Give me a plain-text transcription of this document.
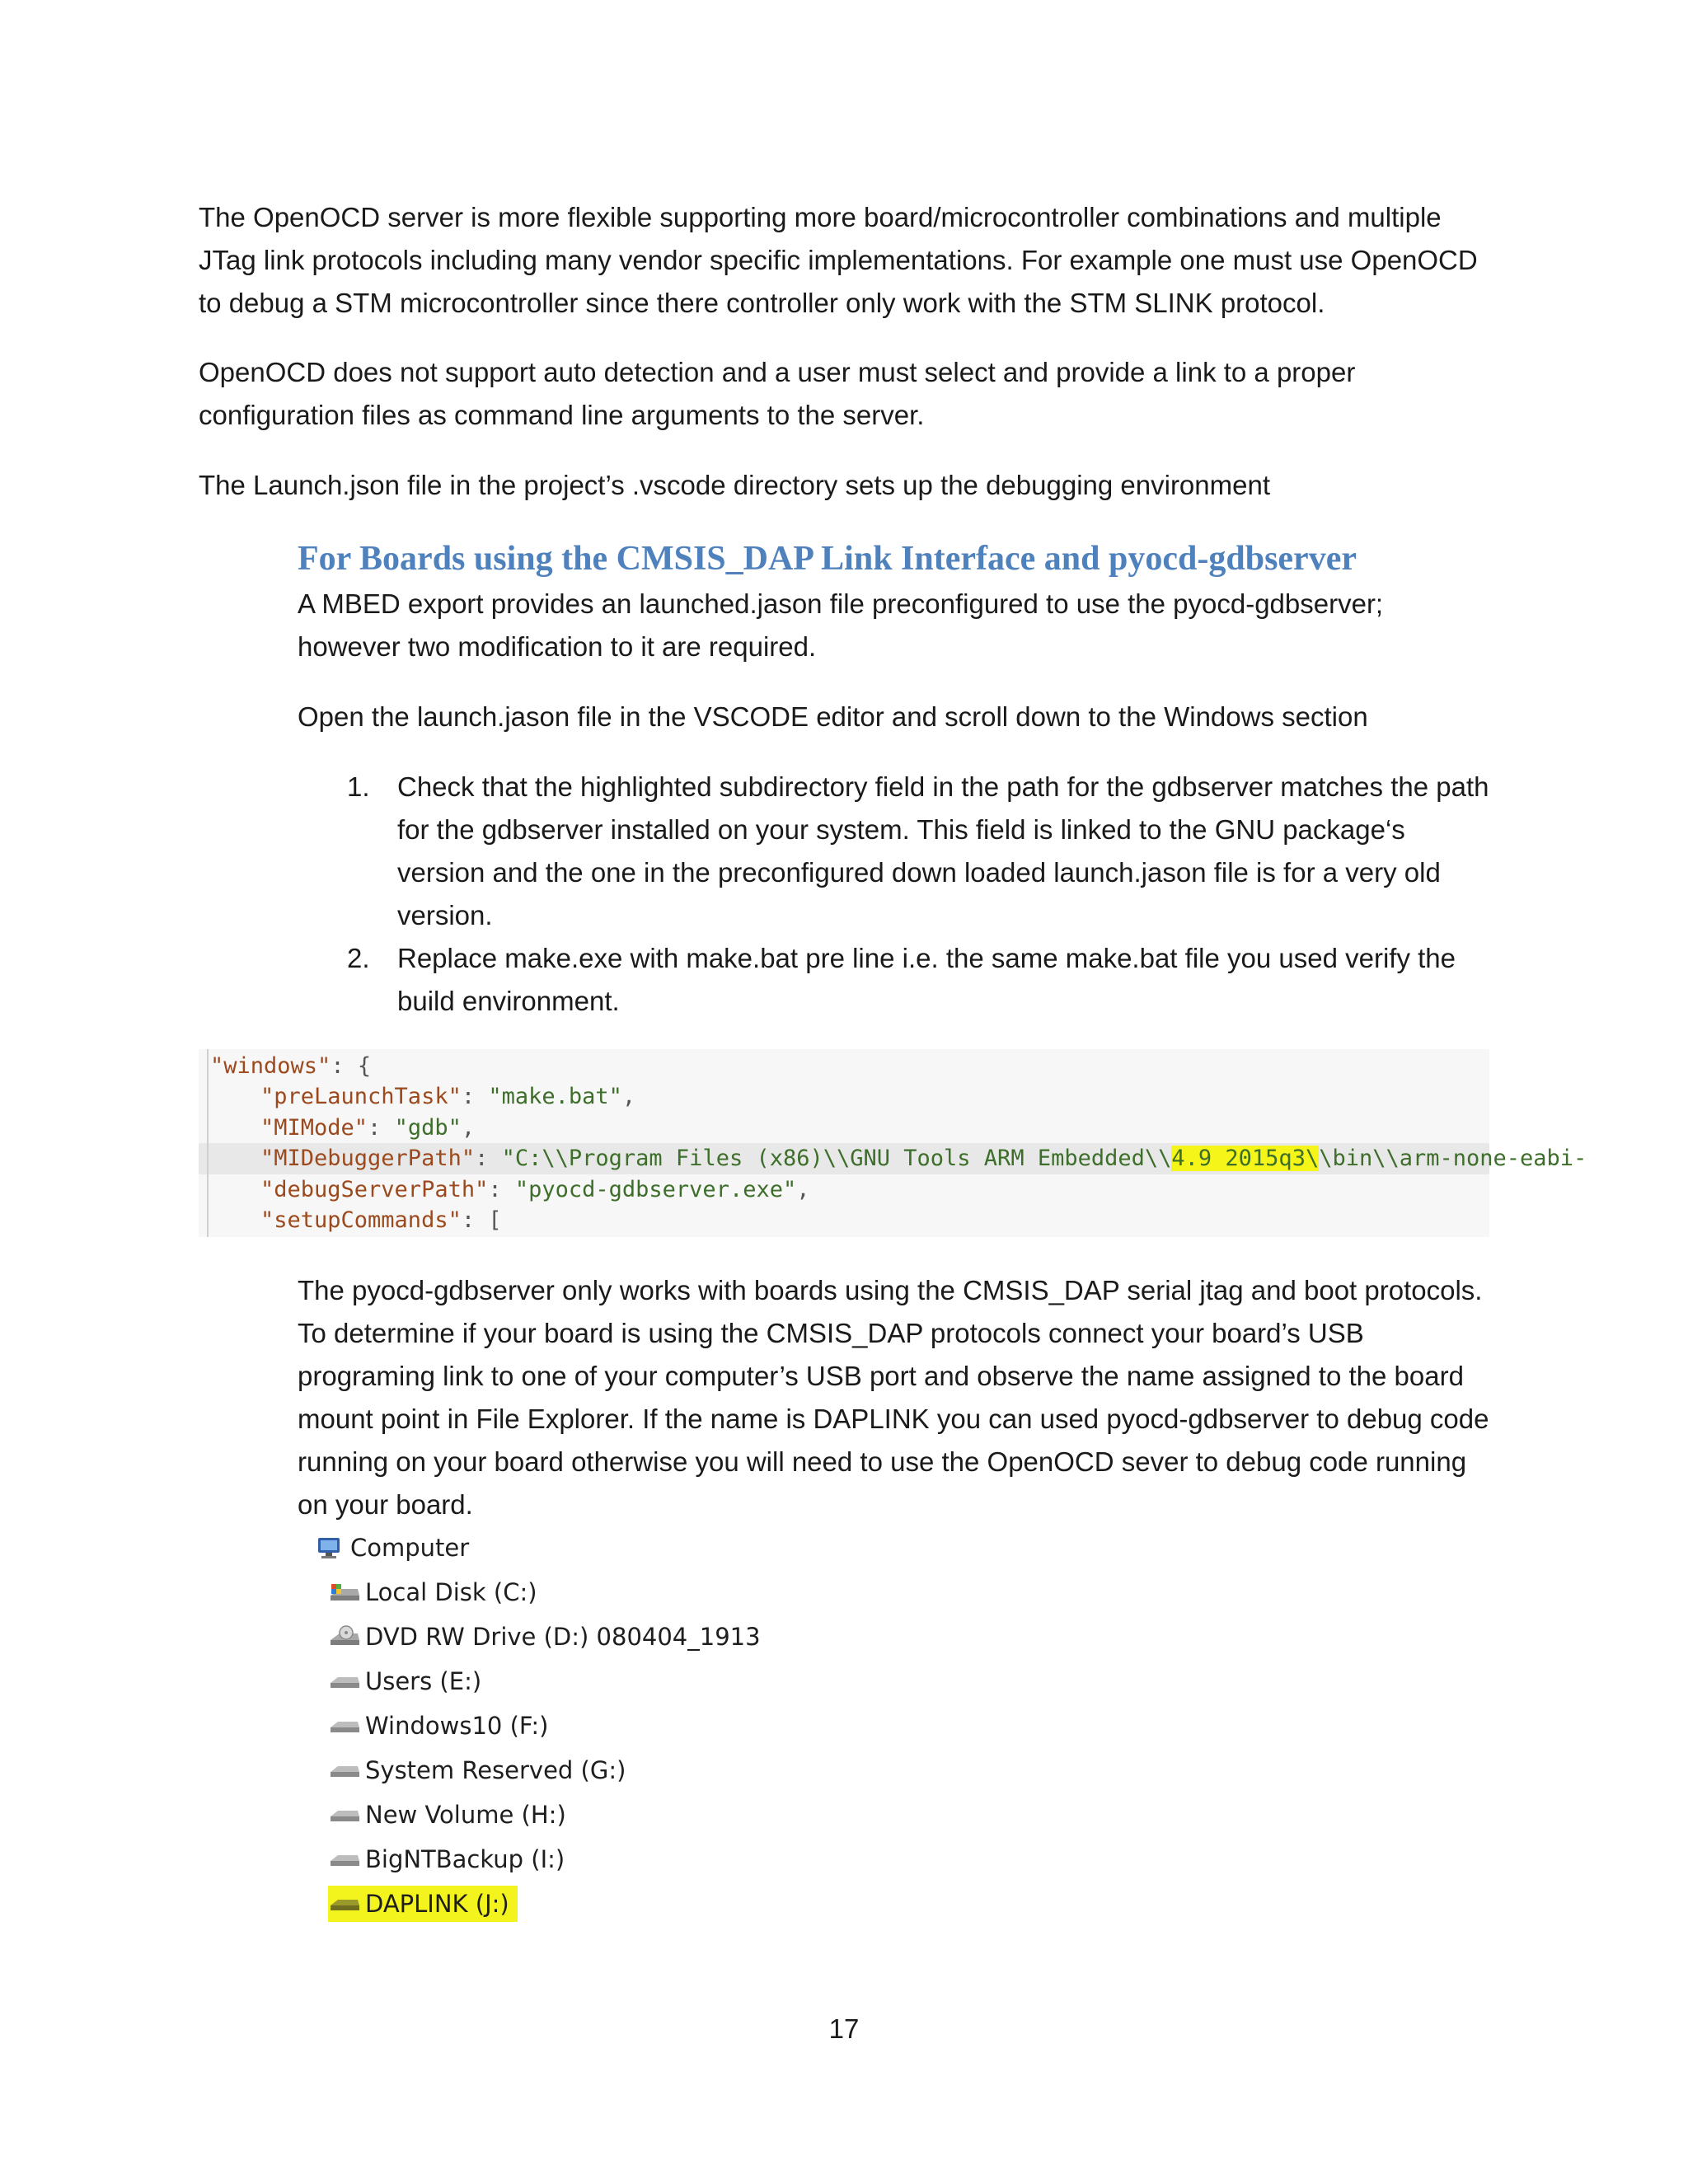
The OpenOCD server is more flexible supporting more board/microcontroller combinations and multiple JTag link protocols including many vendor specific implementations. For example one must use OpenOCD to debug a STM microcontroller since there controller only work with the STM SLINK protocol.

OpenOCD does not support auto detection and a user must select and provide a link to a proper configuration files as command line arguments to the server.

The Launch.json file in the project’s .vscode directory sets up the debugging environment

For Boards using the CMSIS_DAP Link Interface and pyocd-gdbserver

A MBED export provides an launched.jason file preconfigured to use the pyocd-gdbserver; however two modification to it are required.

Open the launch.jason file in the VSCODE editor and scroll down to the Windows section

1. Check that the highlighted subdirectory field in the path for the gdbserver matches the path for the gdbserver installed on your system. This field is linked to the GNU package‘s version and the one in the preconfigured down loaded launch.jason file is for a very old version.
2. Replace make.exe with make.bat pre line i.e. the same make.bat file you used verify the build environment.

"windows": {

"preLaunchTask": "make.bat",

"MIMode": "gdb",

"MIDebuggerPath": "C:\\Program Files (x86)\\GNU Tools ARM Embedded\\4.9 2015q3\\bin\\arm-none-eabi-

"debugServerPath": "pyocd-gdbserver.exe",

"setupCommands": [

The pyocd-gdbserver only works with boards using the CMSIS_DAP serial jtag and boot protocols. To determine if your board is using the CMSIS_DAP protocols connect your board’s USB programing link to one of your computer’s USB port and observe the name assigned to the board mount point in File Explorer. If the name is DAPLINK you can used pyocd-gdbserver to debug code running on your board otherwise you will need to use the OpenOCD sever to debug code running on your board.

Computer
Local Disk (C:)
DVD RW Drive (D:) 080404_1913
Users (E:)
Windows10 (F:)
System Reserved (G:)
New Volume (H:)
BigNTBackup (I:)
DAPLINK (J:)

17
